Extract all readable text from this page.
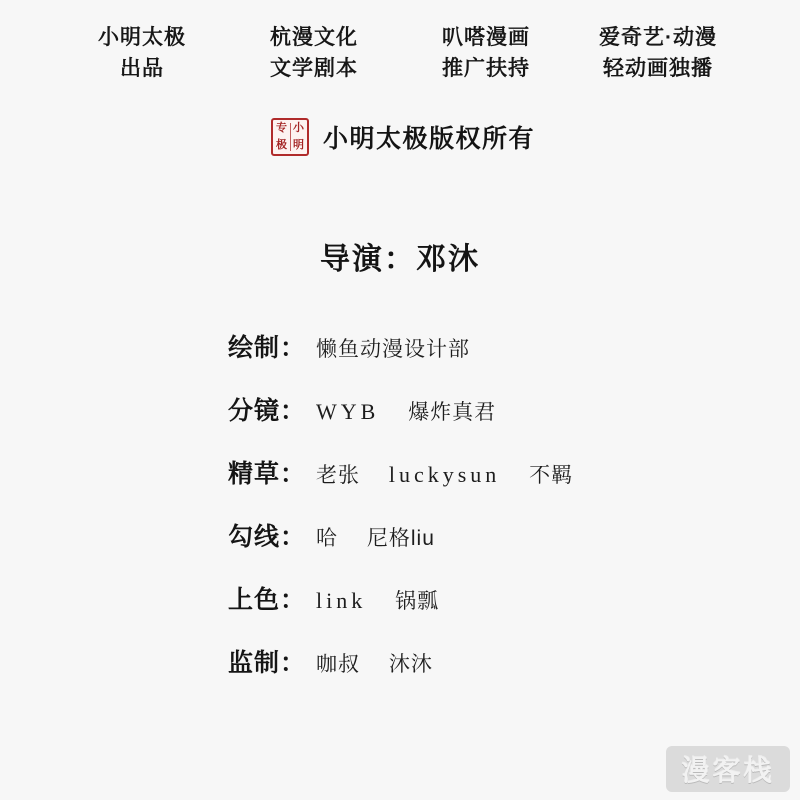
小明太极
出品
杭漫文化
文学剧本
叭嗒漫画
推广扶持
爱奇艺·动漫
轻动画独播
专 小
极 明 小明太极版权所有
导演：邓沐
绘制： 懒鱼动漫设计部
分镜： WYB 爆炸真君
精草： 老张 luckysun 不羁
勾线： 哈 尼格liu
上色： link 锅瓢
监制： 咖叔 沐沐
漫客栈
